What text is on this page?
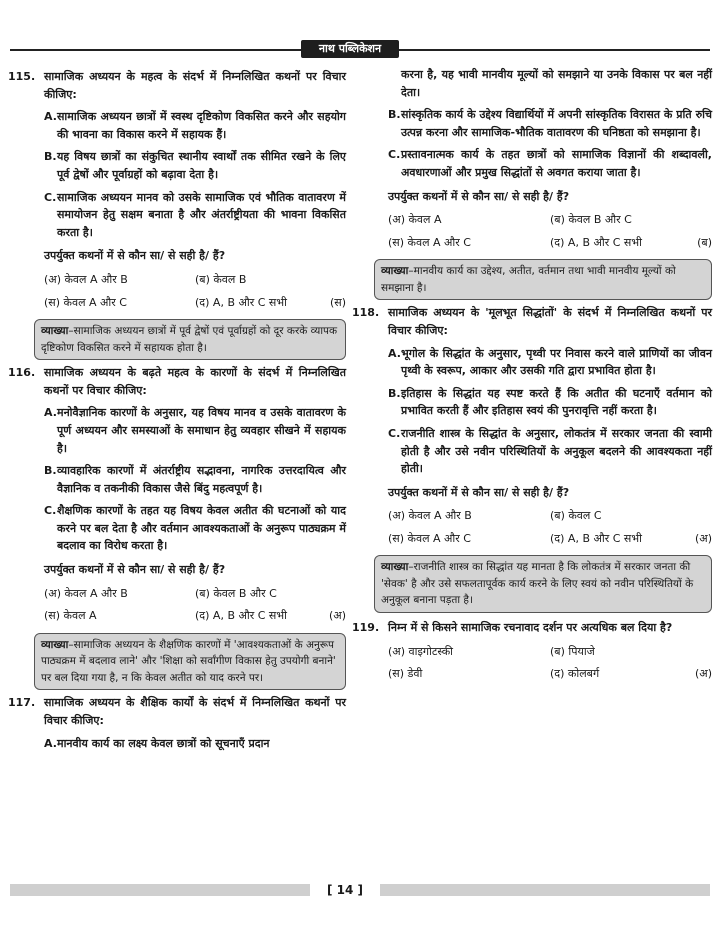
नाथ पब्लिकेशन
115. सामाजिक अध्ययन के महत्व के संदर्भ में निम्नलिखित कथनों पर विचार कीजिए:
A. सामाजिक अध्ययन छात्रों में स्वस्थ दृष्टिकोण विकसित करने और सहयोग की भावना का विकास करने में सहायक हैं।
B. यह विषय छात्रों का संकुचित स्थानीय स्वार्थों तक सीमित रखने के लिए पूर्व द्वेषों और पूर्वाग्रहों को बढ़ावा देता है।
C. सामाजिक अध्ययन मानव को उसके सामाजिक एवं भौतिक वातावरण में समायोजन हेतु सक्षम बनाता है और अंतर्राष्ट्रीयता की भावना विकसित करता है।
उपर्युक्त कथनों में से कौन सा/ से सही है/ हैं?
(अ) केवल A और B	(ब) केवल B
(स) केवल A और C	(द) A, B और C सभी	(स)
व्याख्या–सामाजिक अध्ययन छात्रों में पूर्व द्वेषों एवं पूर्वाग्रहों को दूर करके व्यापक दृष्टिकोण विकसित करने में सहायक होता है।
116. सामाजिक अध्ययन के बढ़ते महत्व के कारणों के संदर्भ में निम्नलिखित कथनों पर विचार कीजिए:
A. मनोवैज्ञानिक कारणों के अनुसार, यह विषय मानव व उसके वातावरण के पूर्ण अध्ययन और समस्याओं के समाधान हेतु व्यवहार सीखने में सहायक है।
B. व्यावहारिक कारणों में अंतर्राष्ट्रीय सद्भावना, नागरिक उत्तरदायित्व और वैज्ञानिक व तकनीकी विकास जैसे बिंदु महत्वपूर्ण है।
C. शैक्षणिक कारणों के तहत यह विषय केवल अतीत की घटनाओं को याद करने पर बल देता है और वर्तमान आवश्यकताओं के अनुरूप पाठ्यक्रम में बदलाव का विरोध करता है।
उपर्युक्त कथनों में से कौन सा/ से सही है/ हैं?
(अ) केवल A और B	(ब) केवल B और C
(स) केवल A	(द) A, B और C सभी	(अ)
व्याख्या–सामाजिक अध्ययन के शैक्षणिक कारणों में 'आवश्यकताओं के अनुरूप पाठ्यक्रम में बदलाव लाने' और 'शिक्षा को सर्वांगीण विकास हेतु उपयोगी बनाने' पर बल दिया गया है, न कि केवल अतीत को याद करने पर।
117. सामाजिक अध्ययन के शैक्षिक कार्यों के संदर्भ में निम्नलिखित कथनों पर विचार कीजिए:
A. मानवीय कार्य का लक्ष्य केवल छात्रों को सूचनाएँ प्रदान
करना है, यह भावी मानवीय मूल्यों को समझाने या उनके विकास पर बल नहीं देता।
B. सांस्कृतिक कार्य के उद्देश्य विद्यार्थियों में अपनी सांस्कृतिक विरासत के प्रति रुचि उत्पन्न करना और सामाजिक-भौतिक वातावरण की घनिष्ठता को समझाना है।
C. प्रस्तावनात्मक कार्य के तहत छात्रों को सामाजिक विज्ञानों की शब्दावली, अवधारणाओं और प्रमुख सिद्धांतों से अवगत कराया जाता है।
उपर्युक्त कथनों में से कौन सा/ से सही है/ हैं?
(अ) केवल A	(ब) केवल B और C
(स) केवल A और C	(द) A, B और C सभी	(ब)
व्याख्या–मानवीय कार्य का उद्देश्य, अतीत, वर्तमान तथा भावी मानवीय मूल्यों को समझाना है।
118. सामाजिक अध्ययन के 'मूलभूत सिद्धांतों' के संदर्भ में निम्नलिखित कथनों पर विचार कीजिए:
A. भूगोल के सिद्धांत के अनुसार, पृथ्वी पर निवास करने वाले प्राणियों का जीवन पृथ्वी के स्वरूप, आकार और उसकी गति द्वारा प्रभावित होता है।
B. इतिहास के सिद्धांत यह स्पष्ट करते हैं कि अतीत की घटनाएँ वर्तमान को प्रभावित करती हैं और इतिहास स्वयं की पुनरावृत्ति नहीं करता है।
C. राजनीति शास्त्र के सिद्धांत के अनुसार, लोकतंत्र में सरकार जनता की स्वामी होती है और उसे नवीन परिस्थितियों के अनुकूल बदलने की आवश्यकता नहीं होती।
उपर्युक्त कथनों में से कौन सा/ से सही है/ हैं?
(अ) केवल A और B	(ब) केवल C
(स) केवल A और C	(द) A, B और C सभी	(अ)
व्याख्या–राजनीति शास्त्र का सिद्धांत यह मानता है कि लोकतंत्र में सरकार जनता की 'सेवक' है और उसे सफलतापूर्वक कार्य करने के लिए स्वयं को नवीन परिस्थितियों के अनुकूल बनाना पड़ता है।
119. निम्न में से किसने सामाजिक रचनावाद दर्शन पर अत्यधिक बल दिया है?
(अ) वाइगोटस्की	(ब) पियाजे
(स) डेवी	(द) कोलबर्ग	(अ)
[ 14 ]
